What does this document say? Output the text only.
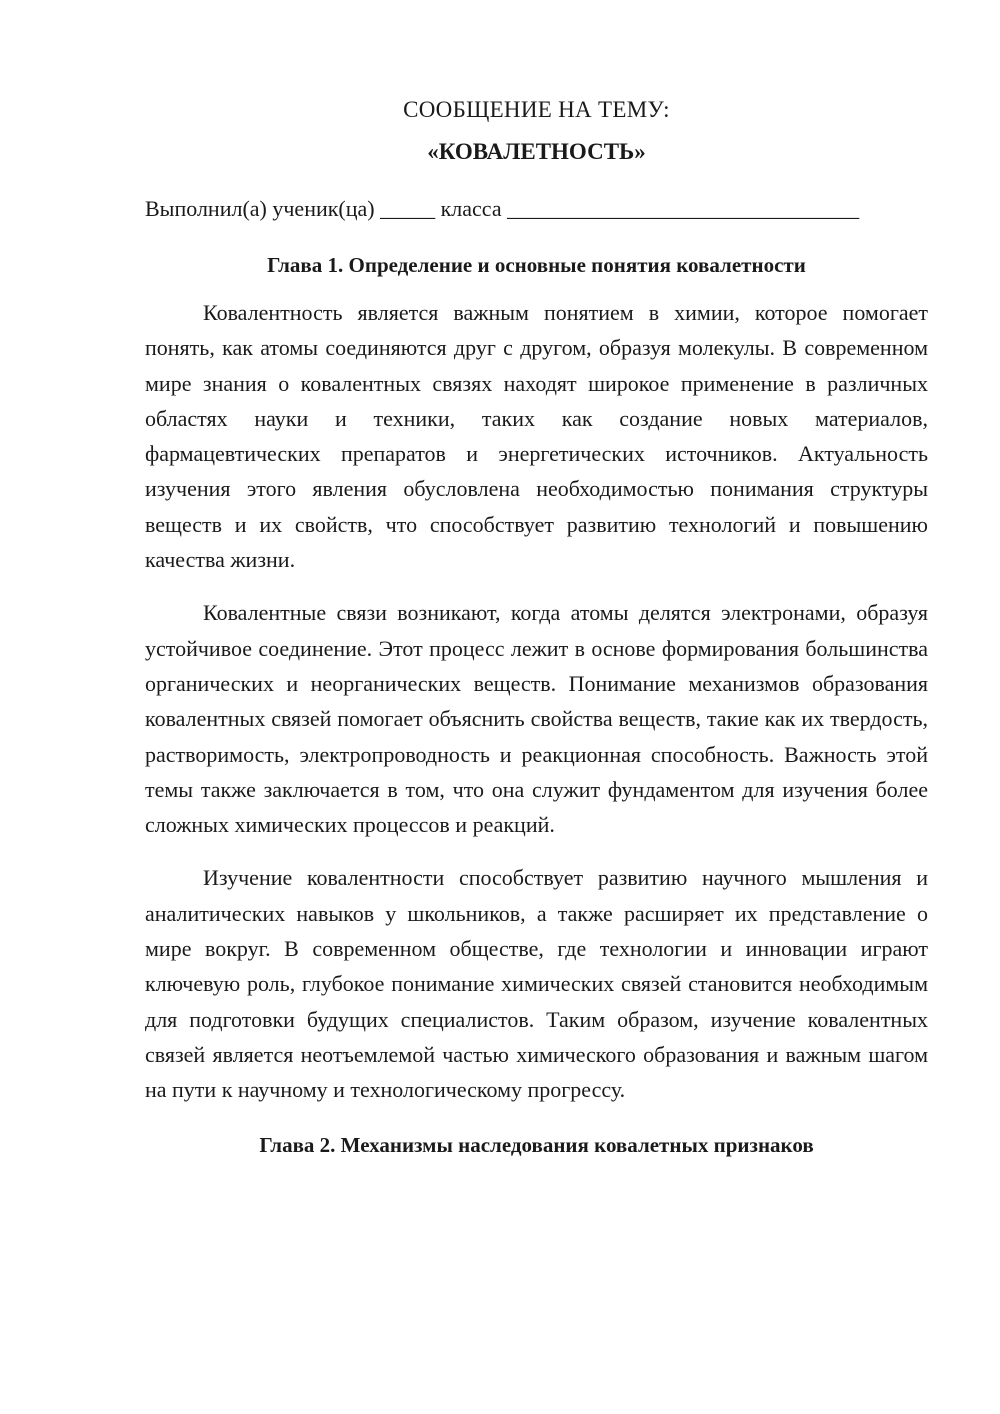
СООБЩЕНИЕ НА ТЕМУ:

«КОВАЛЕТНОСТЬ»

Выполнил(а) ученик(ца) _____ класса ________________________________
Глава 1. Определение и основные понятия ковалетности

Ковалентность является важным понятием в химии, которое помогает понять, как атомы соединяются друг с другом, образуя молекулы. В современном мире знания о ковалентных связях находят широкое применение в различных областях науки и техники, таких как создание новых материалов, фармацевтических препаратов и энергетических источников. Актуальность изучения этого явления обусловлена необходимостью понимания структуры веществ и их свойств, что способствует развитию технологий и повышению качества жизни.

Ковалентные связи возникают, когда атомы делятся электронами, образуя устойчивое соединение. Этот процесс лежит в основе формирования большинства органических и неорганических веществ. Понимание механизмов образования ковалентных связей помогает объяснить свойства веществ, такие как их твердость, растворимость, электропроводность и реакционная способность. Важность этой темы также заключается в том, что она служит фундаментом для изучения более сложных химических процессов и реакций.

Изучение ковалентности способствует развитию научного мышления и аналитических навыков у школьников, а также расширяет их представление о мире вокруг. В современном обществе, где технологии и инновации играют ключевую роль, глубокое понимание химических связей становится необходимым для подготовки будущих специалистов. Таким образом, изучение ковалентных связей является неотъемлемой частью химического образования и важным шагом на пути к научному и технологическому прогрессу.

Глава 2. Механизмы наследования ковалетных признаков
